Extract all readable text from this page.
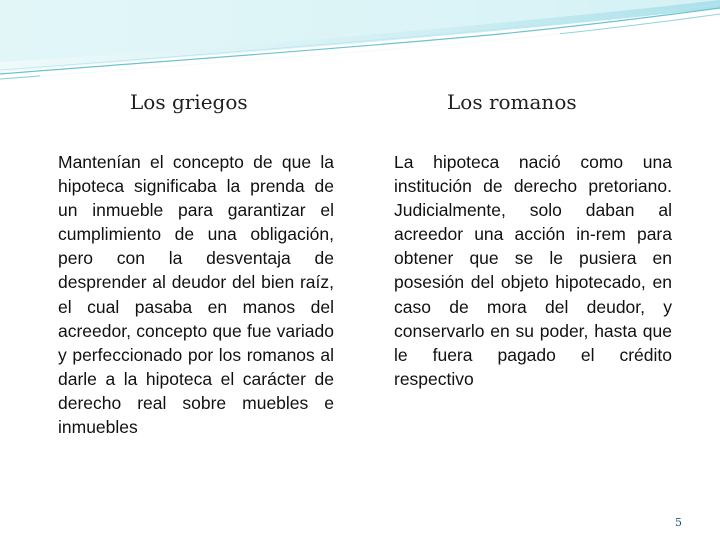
Los griegos	Los romanos

Mantenían el concepto de que la hipoteca significaba la prenda de un inmueble para garantizar el cumplimiento de una obligación, pero con la desventaja de desprender al deudor del bien raíz, el cual pasaba en manos del acreedor, concepto que fue variado y perfeccionado por los romanos al darle a la hipoteca el carácter de derecho real sobre muebles e inmuebles

La hipoteca nació como una institución de derecho pretoriano. Judicialmente, solo daban al acreedor una acción in-rem para obtener que se le pusiera en posesión del objeto hipotecado, en caso de mora del deudor, y conservarlo en su poder, hasta que le fuera pagado el crédito respectivo

5
